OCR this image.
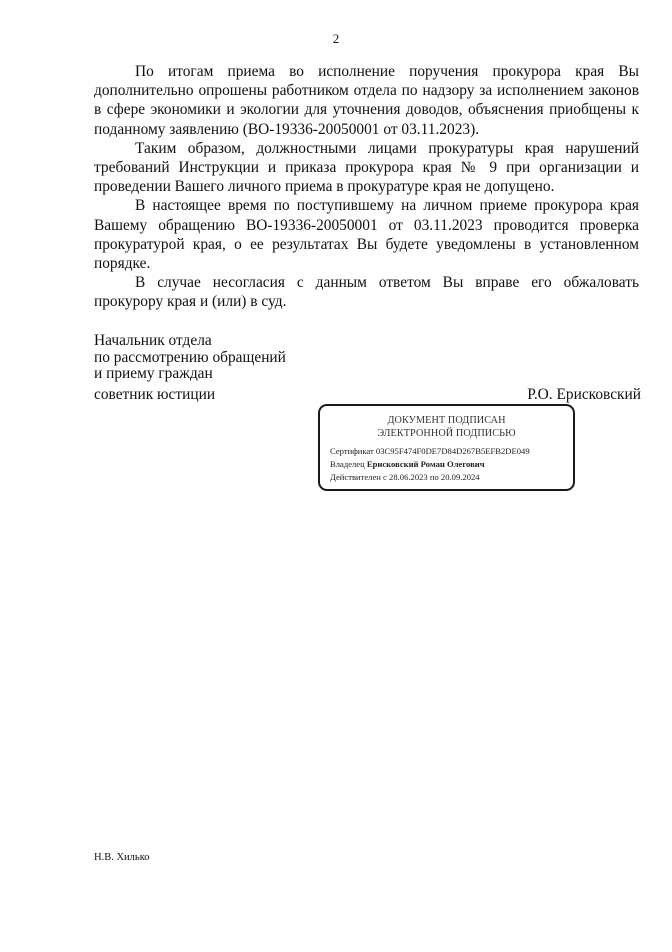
2

По итогам приема во исполнение поручения прокурора края Вы дополнительно опрошены работником отдела по надзору за исполнением законов в сфере экономики и экологии для уточнения доводов, объяснения приобщены к поданному заявлению (ВО-19336-20050001 от 03.11.2023).

Таким образом, должностными лицами прокуратуры края нарушений требований Инструкции и приказа прокурора края № 9 при организации и проведении Вашего личного приема в прокуратуре края не допущено.

В настоящее время по поступившему на личном приеме прокурора края Вашему обращению ВО-19336-20050001 от 03.11.2023 проводится проверка прокуратурой края, о ее результатах Вы будете уведомлены в установленном порядке.

В случае несогласия с данным ответом Вы вправе его обжаловать прокурору края и (или) в суд.

Начальник отдела
по рассмотрению обращений
и приему граждан
советник юстиции	Р.О. Ерисковский
ДОКУМЕНТ ПОДПИСАН
ЭЛЕКТРОННОЙ ПОДПИСЬЮ
Сертификат 03C95F474F0DE7D84D267B5EFB2DE049
Владелец Ерисковский Роман Олегович
Действителен с 28.06.2023 по 20.09.2024
Н.В. Хилько
